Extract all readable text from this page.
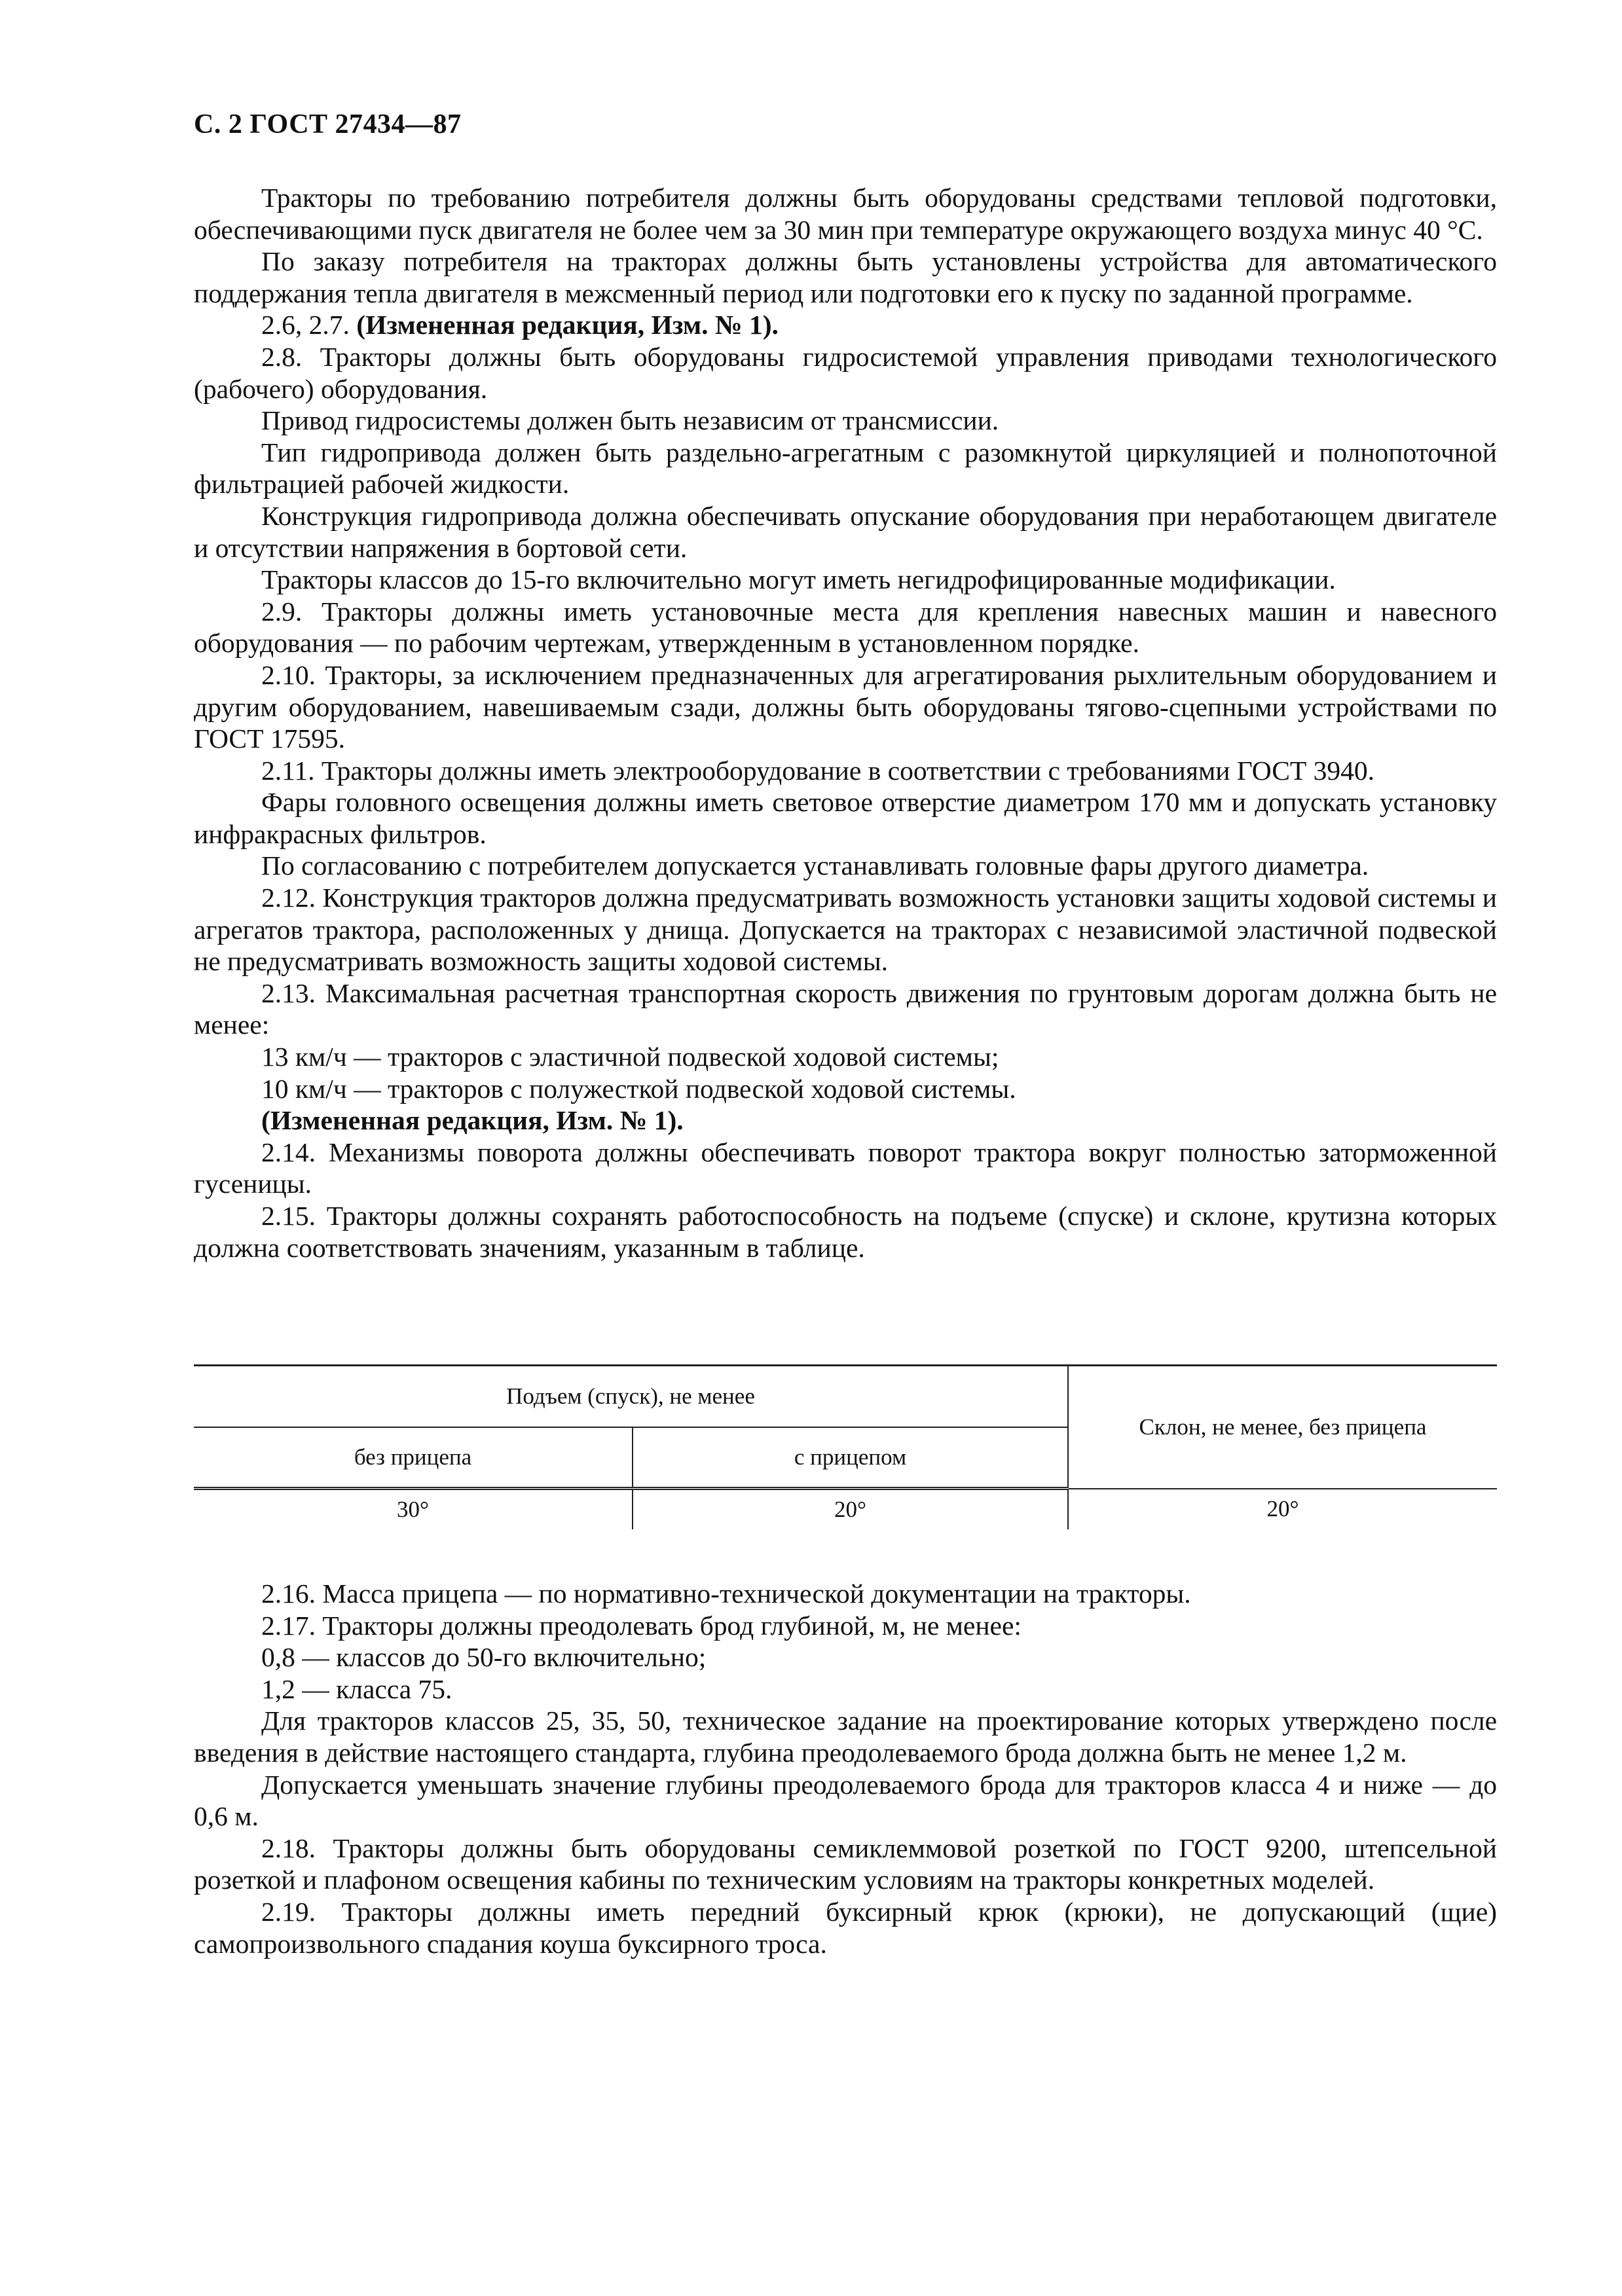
С. 2 ГОСТ 27434—87

Тракторы по требованию потребителя должны быть оборудованы средствами тепловой подготовки, обеспечивающими пуск двигателя не более чем за 30 мин при температуре окружающего воздуха минус 40 °С.

По заказу потребителя на тракторах должны быть установлены устройства для автоматического поддержания тепла двигателя в межсменный период или подготовки его к пуску по заданной программе.

2.6, 2.7. (Измененная редакция, Изм. № 1).

2.8. Тракторы должны быть оборудованы гидросистемой управления приводами технологического (рабочего) оборудования.

Привод гидросистемы должен быть независим от трансмиссии.

Тип гидропривода должен быть раздельно-агрегатным с разомкнутой циркуляцией и полнопоточной фильтрацией рабочей жидкости.

Конструкция гидропривода должна обеспечивать опускание оборудования при неработающем двигателе и отсутствии напряжения в бортовой сети.

Тракторы классов до 15-го включительно могут иметь негидрофицированные модификации.

2.9. Тракторы должны иметь установочные места для крепления навесных машин и навесного оборудования — по рабочим чертежам, утвержденным в установленном порядке.

2.10. Тракторы, за исключением предназначенных для агрегатирования рыхлительным оборудованием и другим оборудованием, навешиваемым сзади, должны быть оборудованы тягово-сцепными устройствами по ГОСТ 17595.

2.11. Тракторы должны иметь электрооборудование в соответствии с требованиями ГОСТ 3940.

Фары головного освещения должны иметь световое отверстие диаметром 170 мм и допускать установку инфракрасных фильтров.

По согласованию с потребителем допускается устанавливать головные фары другого диаметра.

2.12. Конструкция тракторов должна предусматривать возможность установки защиты ходовой системы и агрегатов трактора, расположенных у днища. Допускается на тракторах с независимой эластичной подвеской не предусматривать возможность защиты ходовой системы.

2.13. Максимальная расчетная транспортная скорость движения по грунтовым дорогам должна быть не менее:

13 км/ч — тракторов с эластичной подвеской ходовой системы;

10 км/ч — тракторов с полужесткой подвеской ходовой системы.

(Измененная редакция, Изм. № 1).

2.14. Механизмы поворота должны обеспечивать поворот трактора вокруг полностью заторможенной гусеницы.

2.15. Тракторы должны сохранять работоспособность на подъеме (спуске) и склоне, крутизна которых должна соответствовать значениям, указанным в таблице.

Подъем (спуск), не менее		Склон, не менее, без прицепа
без прицепа	с прицепом	
30°	20°	20°

2.16. Масса прицепа — по нормативно-технической документации на тракторы.

2.17. Тракторы должны преодолевать брод глубиной, м, не менее:

0,8 — классов до 50-го включительно;

1,2 — класса 75.

Для тракторов классов 25, 35, 50, техническое задание на проектирование которых утверждено после введения в действие настоящего стандарта, глубина преодолеваемого брода должна быть не менее 1,2 м.

Допускается уменьшать значение глубины преодолеваемого брода для тракторов класса 4 и ниже — до 0,6 м.

2.18. Тракторы должны быть оборудованы семиклеммовой розеткой по ГОСТ 9200, штепсельной розеткой и плафоном освещения кабины по техническим условиям на тракторы конкретных моделей.

2.19. Тракторы должны иметь передний буксирный крюк (крюки), не допускающий (щие) самопроизвольного спадания коуша буксирного троса.
